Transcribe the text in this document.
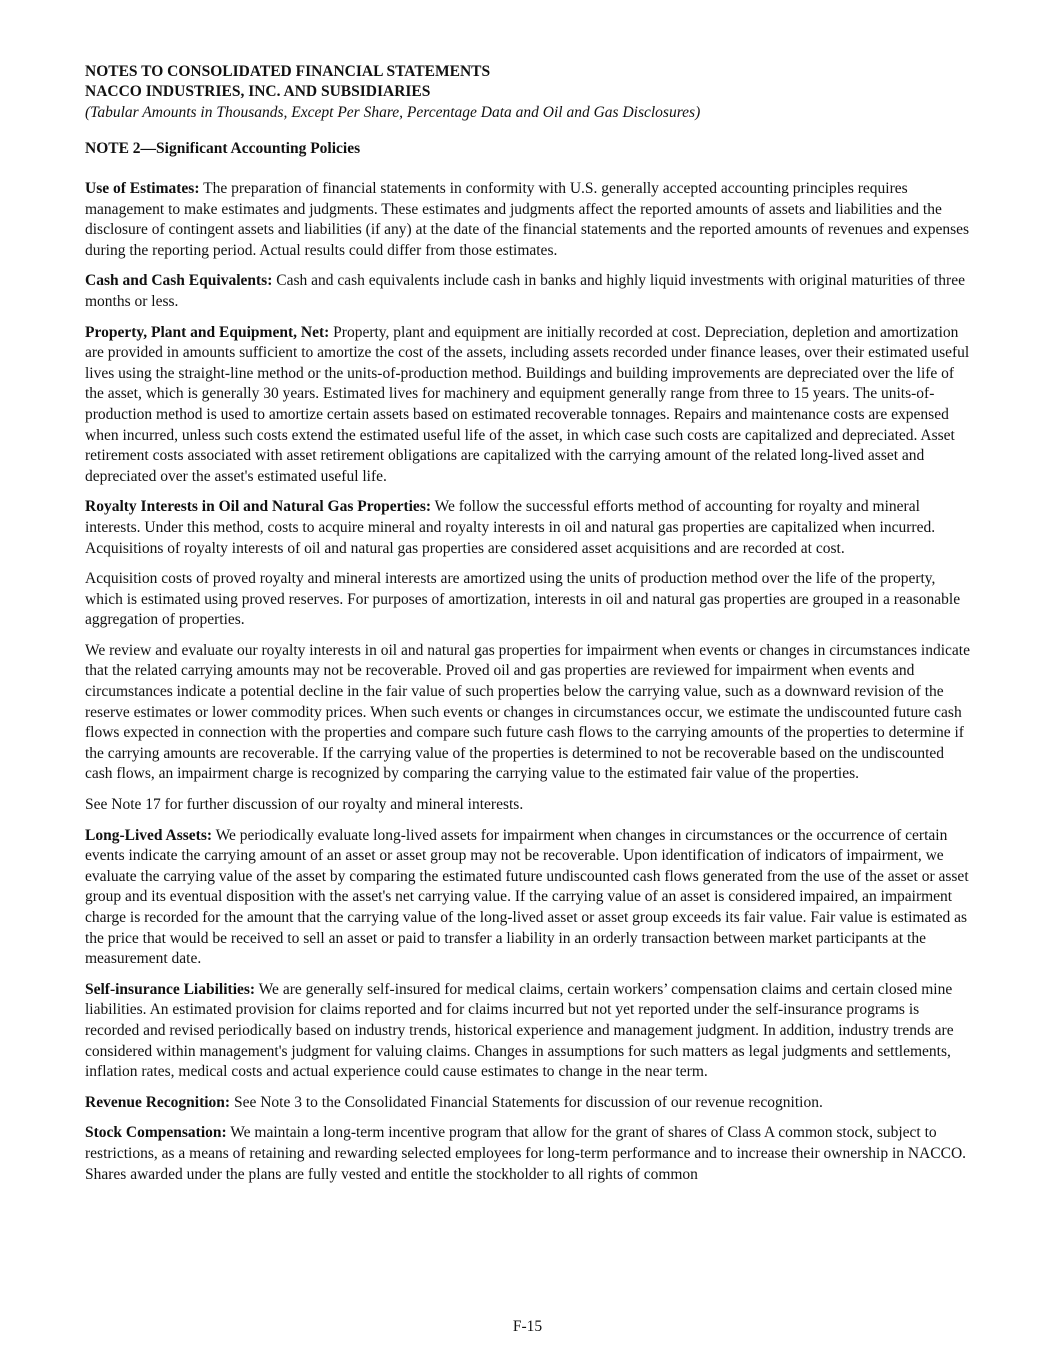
NOTES TO CONSOLIDATED FINANCIAL STATEMENTS

NACCO INDUSTRIES, INC. AND SUBSIDIARIES

(Tabular Amounts in Thousands, Except Per Share, Percentage Data and Oil and Gas Disclosures)

NOTE 2—Significant Accounting Policies

Use of Estimates: The preparation of financial statements in conformity with U.S. generally accepted accounting principles requires management to make estimates and judgments. These estimates and judgments affect the reported amounts of assets and liabilities and the disclosure of contingent assets and liabilities (if any) at the date of the financial statements and the reported amounts of revenues and expenses during the reporting period. Actual results could differ from those estimates.

Cash and Cash Equivalents: Cash and cash equivalents include cash in banks and highly liquid investments with original maturities of three months or less.

Property, Plant and Equipment, Net: Property, plant and equipment are initially recorded at cost. Depreciation, depletion and amortization are provided in amounts sufficient to amortize the cost of the assets, including assets recorded under finance leases, over their estimated useful lives using the straight-line method or the units-of-production method. Buildings and building improvements are depreciated over the life of the asset, which is generally 30 years. Estimated lives for machinery and equipment generally range from three to 15 years. The units-of-production method is used to amortize certain assets based on estimated recoverable tonnages. Repairs and maintenance costs are expensed when incurred, unless such costs extend the estimated useful life of the asset, in which case such costs are capitalized and depreciated. Asset retirement costs associated with asset retirement obligations are capitalized with the carrying amount of the related long-lived asset and depreciated over the asset's estimated useful life.

Royalty Interests in Oil and Natural Gas Properties: We follow the successful efforts method of accounting for royalty and mineral interests. Under this method, costs to acquire mineral and royalty interests in oil and natural gas properties are capitalized when incurred. Acquisitions of royalty interests of oil and natural gas properties are considered asset acquisitions and are recorded at cost.

Acquisition costs of proved royalty and mineral interests are amortized using the units of production method over the life of the property, which is estimated using proved reserves. For purposes of amortization, interests in oil and natural gas properties are grouped in a reasonable aggregation of properties.

We review and evaluate our royalty interests in oil and natural gas properties for impairment when events or changes in circumstances indicate that the related carrying amounts may not be recoverable. Proved oil and gas properties are reviewed for impairment when events and circumstances indicate a potential decline in the fair value of such properties below the carrying value, such as a downward revision of the reserve estimates or lower commodity prices. When such events or changes in circumstances occur, we estimate the undiscounted future cash flows expected in connection with the properties and compare such future cash flows to the carrying amounts of the properties to determine if the carrying amounts are recoverable. If the carrying value of the properties is determined to not be recoverable based on the undiscounted cash flows, an impairment charge is recognized by comparing the carrying value to the estimated fair value of the properties.

See Note 17 for further discussion of our royalty and mineral interests.

Long-Lived Assets: We periodically evaluate long-lived assets for impairment when changes in circumstances or the occurrence of certain events indicate the carrying amount of an asset or asset group may not be recoverable. Upon identification of indicators of impairment, we evaluate the carrying value of the asset by comparing the estimated future undiscounted cash flows generated from the use of the asset or asset group and its eventual disposition with the asset's net carrying value. If the carrying value of an asset is considered impaired, an impairment charge is recorded for the amount that the carrying value of the long-lived asset or asset group exceeds its fair value. Fair value is estimated as the price that would be received to sell an asset or paid to transfer a liability in an orderly transaction between market participants at the measurement date.

Self-insurance Liabilities: We are generally self-insured for medical claims, certain workers’ compensation claims and certain closed mine liabilities. An estimated provision for claims reported and for claims incurred but not yet reported under the self-insurance programs is recorded and revised periodically based on industry trends, historical experience and management judgment. In addition, industry trends are considered within management's judgment for valuing claims. Changes in assumptions for such matters as legal judgments and settlements, inflation rates, medical costs and actual experience could cause estimates to change in the near term.

Revenue Recognition: See Note 3 to the Consolidated Financial Statements for discussion of our revenue recognition.

Stock Compensation: We maintain a long-term incentive program that allow for the grant of shares of Class A common stock, subject to restrictions, as a means of retaining and rewarding selected employees for long-term performance and to increase their ownership in NACCO. Shares awarded under the plans are fully vested and entitle the stockholder to all rights of common

F-15
